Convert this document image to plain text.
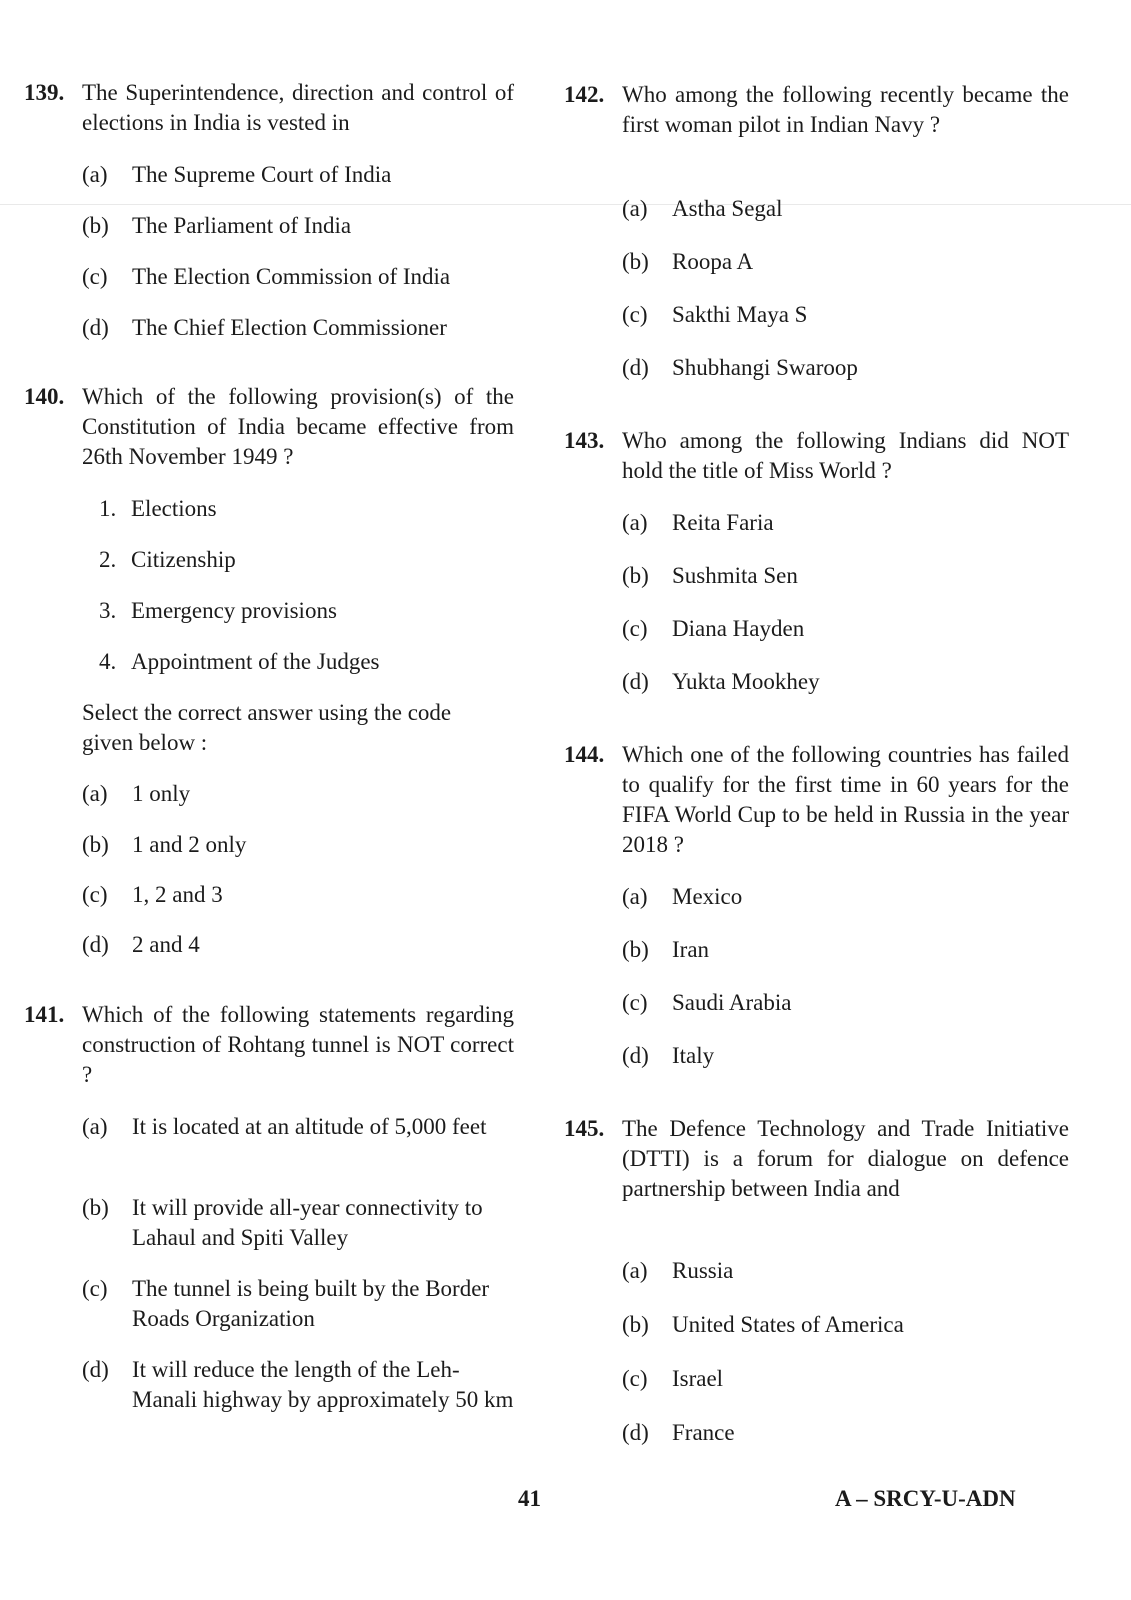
139. The Superintendence, direction and control of elections in India is vested in
(a) The Supreme Court of India
(b) The Parliament of India
(c) The Election Commission of India
(d) The Chief Election Commissioner
140. Which of the following provision(s) of the Constitution of India became effective from 26th November 1949 ?
1. Elections
2. Citizenship
3. Emergency provisions
4. Appointment of the Judges
Select the correct answer using the code given below :
(a) 1 only
(b) 1 and 2 only
(c) 1, 2 and 3
(d) 2 and 4
141. Which of the following statements regarding construction of Rohtang tunnel is NOT correct ?
(a) It is located at an altitude of 5,000 feet
(b) It will provide all-year connectivity to Lahaul and Spiti Valley
(c) The tunnel is being built by the Border Roads Organization
(d) It will reduce the length of the Leh-Manali highway by approximately 50 km
142. Who among the following recently became the first woman pilot in Indian Navy ?
(a) Astha Segal
(b) Roopa A
(c) Sakthi Maya S
(d) Shubhangi Swaroop
143. Who among the following Indians did NOT hold the title of Miss World ?
(a) Reita Faria
(b) Sushmita Sen
(c) Diana Hayden
(d) Yukta Mookhey
144. Which one of the following countries has failed to qualify for the first time in 60 years for the FIFA World Cup to be held in Russia in the year 2018 ?
(a) Mexico
(b) Iran
(c) Saudi Arabia
(d) Italy
145. The Defence Technology and Trade Initiative (DTTI) is a forum for dialogue on defence partnership between India and
(a) Russia
(b) United States of America
(c) Israel
(d) France
41	A – SRCY-U-ADN
